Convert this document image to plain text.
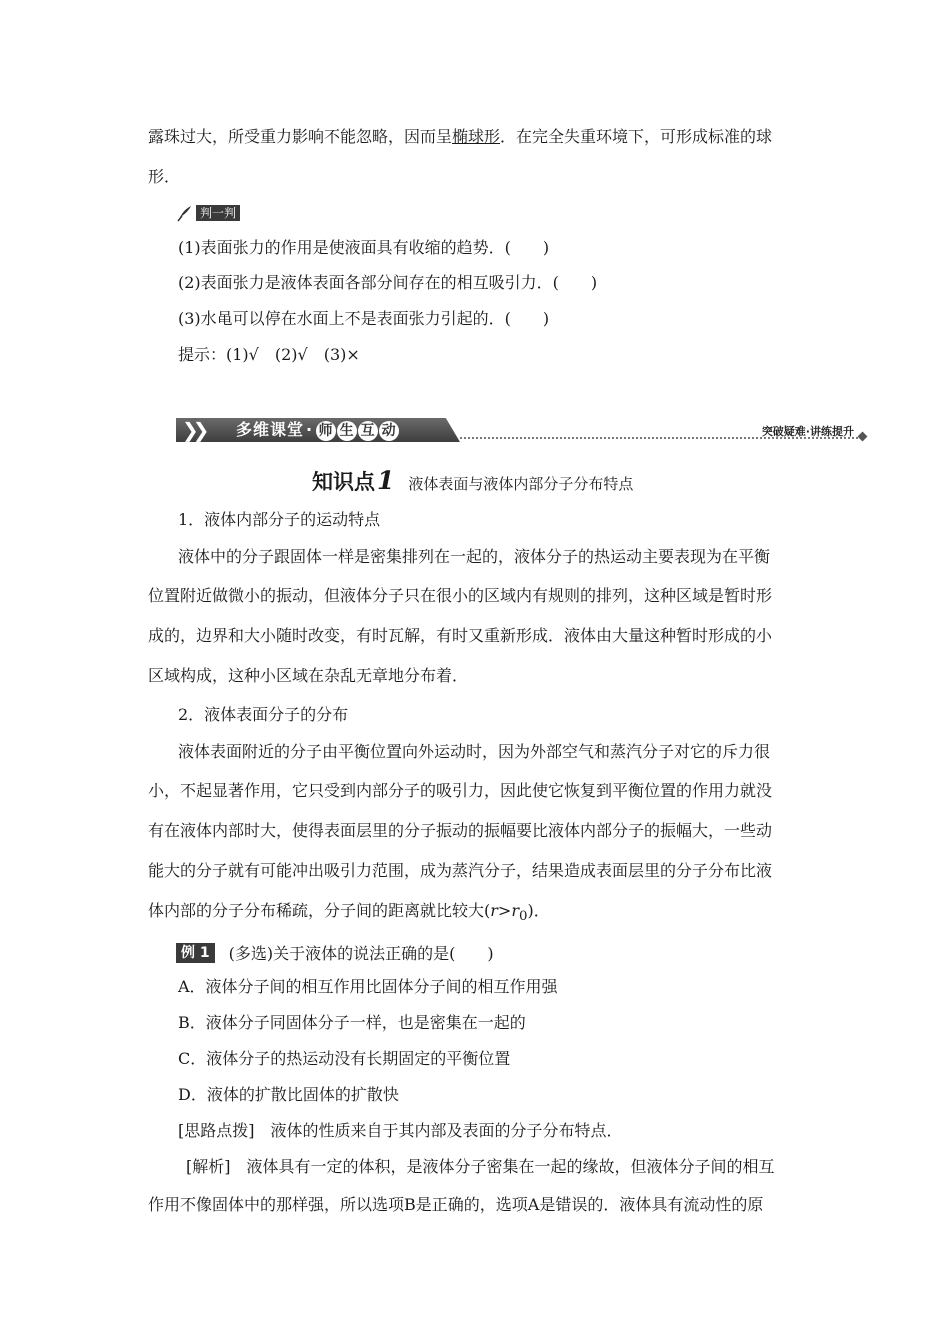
露珠过大，所受重力影响不能忽略，因而呈椭球形．在完全失重环境下，可形成标准的球

形．

判一判

(1)表面张力的作用是使液面具有收缩的趋势．(　　)

(2)表面张力是液体表面各部分间存在的相互吸引力．(　　)

(3)水黾可以停在水面上不是表面张力引起的．(　　)

提示：(1)√　(2)√　(3)×

❯❯ 多维课堂 · 师 生 互 动	突破疑难·讲练提升
知识点 1 液体表面与液体内部分子分布特点

1．液体内部分子的运动特点

液体中的分子跟固体一样是密集排列在一起的，液体分子的热运动主要表现为在平衡

位置附近做微小的振动，但液体分子只在很小的区域内有规则的排列，这种区域是暂时形

成的，边界和大小随时改变，有时瓦解，有时又重新形成．液体由大量这种暂时形成的小

区域构成，这种小区域在杂乱无章地分布着．

2．液体表面分子的分布

液体表面附近的分子由平衡位置向外运动时，因为外部空气和蒸汽分子对它的斥力很

小，不起显著作用，它只受到内部分子的吸引力，因此使它恢复到平衡位置的作用力就没

有在液体内部时大，使得表面层里的分子振动的振幅要比液体内部分子的振幅大，一些动

能大的分子就有可能冲出吸引力范围，成为蒸汽分子，结果造成表面层里的分子分布比液

体内部的分子分布稀疏，分子间的距离就比较大$(r>r_0)$．

例 1	(多选)关于液体的说法正确的是(　　)

A．液体分子间的相互作用比固体分子间的相互作用强

B．液体分子同固体分子一样，也是密集在一起的

C．液体分子的热运动没有长期固定的平衡位置

D．液体的扩散比固体的扩散快

[思路点拨]　液体的性质来自于其内部及表面的分子分布特点．

[解析]　液体具有一定的体积，是液体分子密集在一起的缘故，但液体分子间的相互

作用不像固体中的那样强，所以选项B是正确的，选项A是错误的．液体具有流动性的原
